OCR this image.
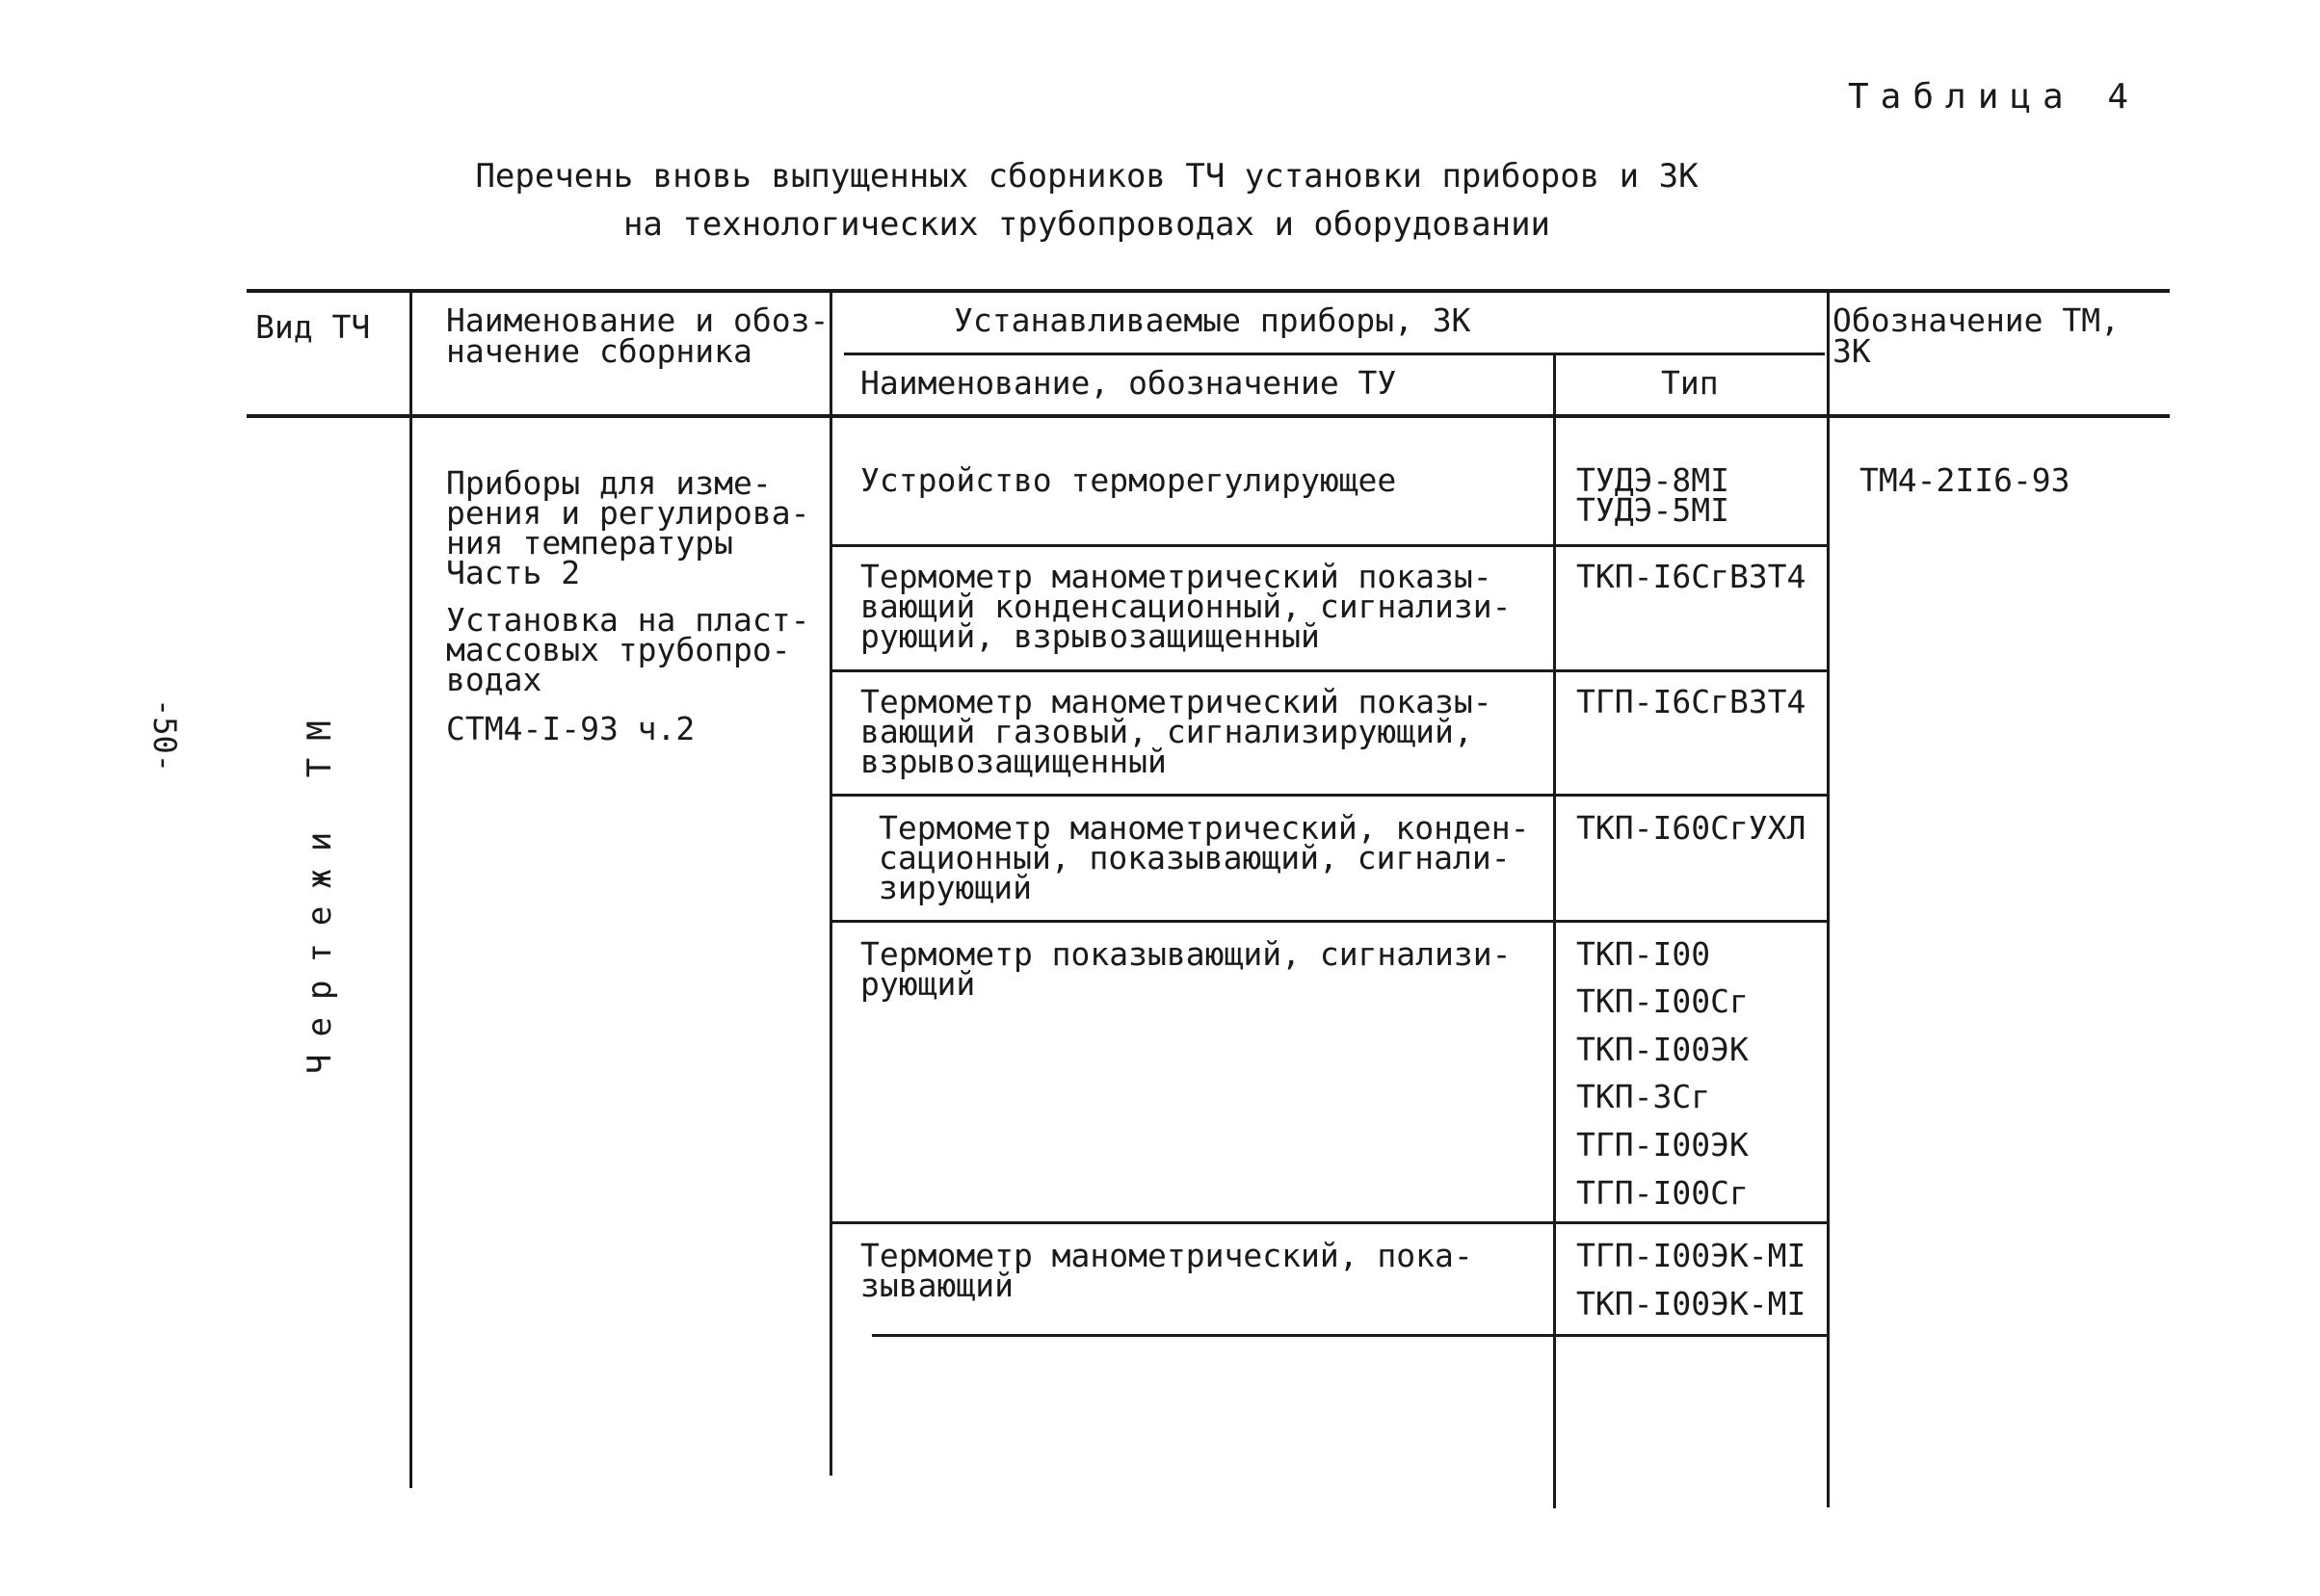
Таблица 4
Перечень вновь выпущенных сборников ТЧ установки приборов и ЗК
на технологических трубопроводах и оборудовании
-50-
Вид ТЧ Наименование и обоз-
начение сборника
Устанавливаемые приборы, ЗК
Наименование, обозначение ТУ	Тип
Обозначение ТМ,
ЗК
Чертежи ТМ
Приборы для изме-
рения и регулирова-
ния температуры
Часть 2
Установка на пласт-
массовых трубопро-
водах
СТМ4-I-93 ч.2
ТМ4-2II6-93
Устройство терморегулирующее	ТУДЭ-8МI
ТУДЭ-5МI
Термометр манометрический показы-
вающий конденсационный, сигнализи-
рующий, взрывозащищенный
ТКП-I6СгВЗТ4
Термометр манометрический показы-
вающий газовый, сигнализирующий,
взрывозащищенный
ТГП-I6СгВЗТ4
Термометр манометрический, конден-
сационный, показывающий, сигнали-
зирующий
ТКП-I60СгУХЛ
Термометр показывающий, сигнализи-
рующий
ТКП-I00
ТКП-I00Сг
ТКП-I00ЭК
ТКП-3Сг
ТГП-I00ЭК
ТГП-I00Сг
Термометр манометрический, пока-
зывающий
ТГП-I00ЭК-МI
ТКП-I00ЭК-МI
